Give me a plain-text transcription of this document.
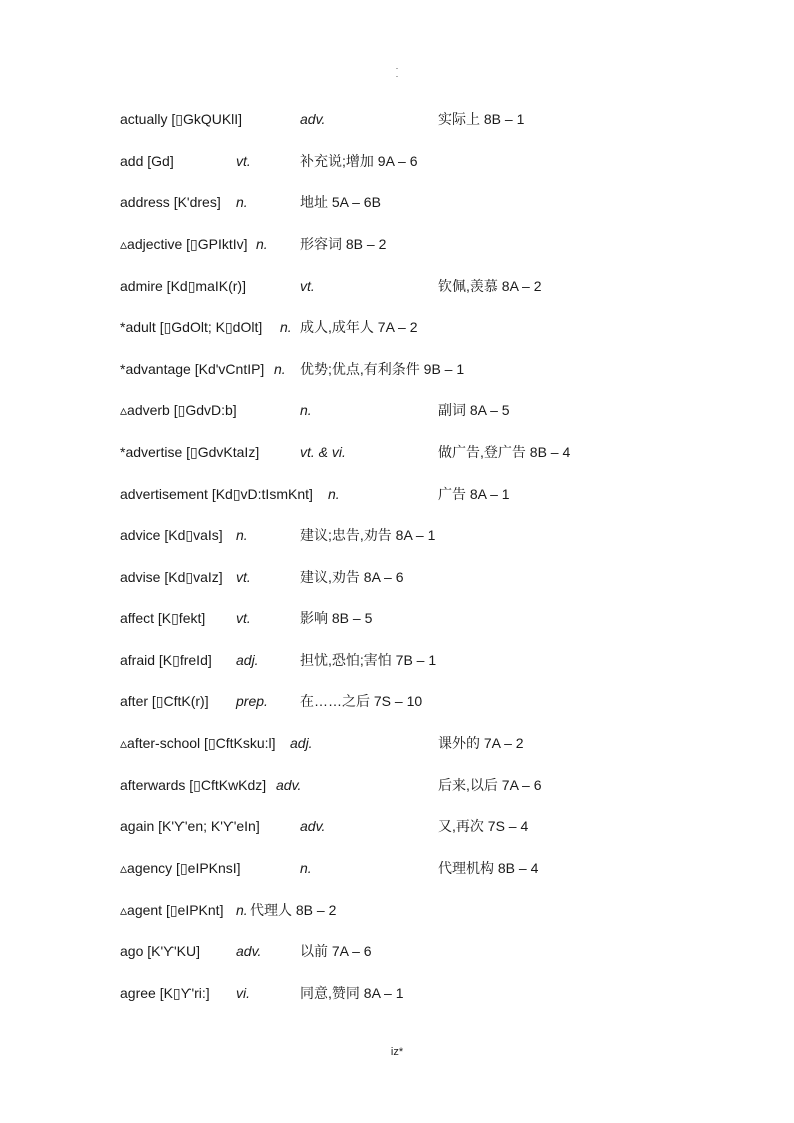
·
·
actually [▯GkQUKlI]	adv.	实际上 8B – 1
add [Gd]	vt.	补充说;增加 9A – 6
address [K'dres] n.	地址 5A – 6B
▵adjective [▯GPIktIv] n. 形容词 8B – 2
admire [Kd▯maIK(r)]	vt.	钦佩,羡慕 8A – 2
*adult [▯GdOlt; K▯dOlt] n. 成人,成年人 7A – 2
*advantage [Kd'vCntIP] n. 优势;优点,有利条件 9B – 1
▵adverb [▯GdvD:b]	n.	副词 8A – 5
*advertise [▯GdvKtaIz]	vt. & vi.	做广告,登广告 8B – 4
advertisement [Kd▯vD:tIsmKnt] n.	广告 8A – 1
advice [Kd▯vaIs] n.	建议;忠告,劝告 8A – 1
advise [Kd▯vaIz] vt.	建议,劝告 8A – 6
affect [K▯fekt] vt.	影响 8B – 5
afraid [K▯freId] adj.	担忧,恐怕;害怕 7B – 1
after [▯CftK(r)] prep. 在……之后 7S – 10
▵after-school [▯CftKsku:l] adj.	课外的 7A – 2
afterwards [▯CftKwKdz] adv.	后来,以后 7A – 6
again [K'ϒ'en; K'ϒ'eIn]	adv.	又,再次 7S – 4
▵agency [▯eIPKnsI]	n.	代理机构 8B – 4
▵agent [▯eIPKnt] n. 代理人 8B – 2
ago [K'ϒ'KU]	adv.	以前 7A – 6
agree [K▯ϒ'ri:] vi.	同意,赞同 8A – 1
iz*
